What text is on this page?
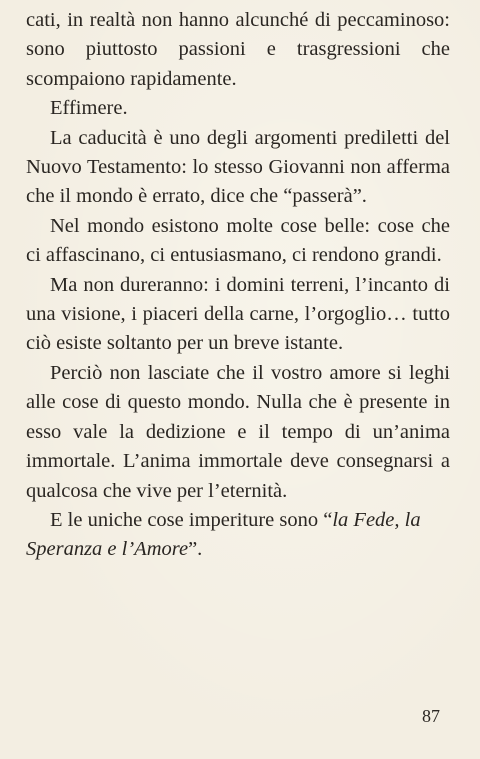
cati, in realtà non hanno alcunché di peccaminoso: sono piuttosto passioni e trasgressioni che scompaiono rapidamente.

Effimere.

La caducità è uno degli argomenti prediletti del Nuovo Testamento: lo stesso Giovanni non afferma che il mondo è errato, dice che “passerà”.

Nel mondo esistono molte cose belle: cose che ci affascinano, ci entusiasmano, ci rendono grandi.

Ma non dureranno: i domini terreni, l’incanto di una visione, i piaceri della carne, l’orgoglio… tutto ciò esiste soltanto per un breve istante.

Perciò non lasciate che il vostro amore si leghi alle cose di questo mondo. Nulla che è presente in esso vale la dedizione e il tempo di un’anima immortale. L’anima immortale deve consegnarsi a qualcosa che vive per l’eternità.

E le uniche cose imperiture sono “la Fede, la Speranza e l’Amore”.

87
